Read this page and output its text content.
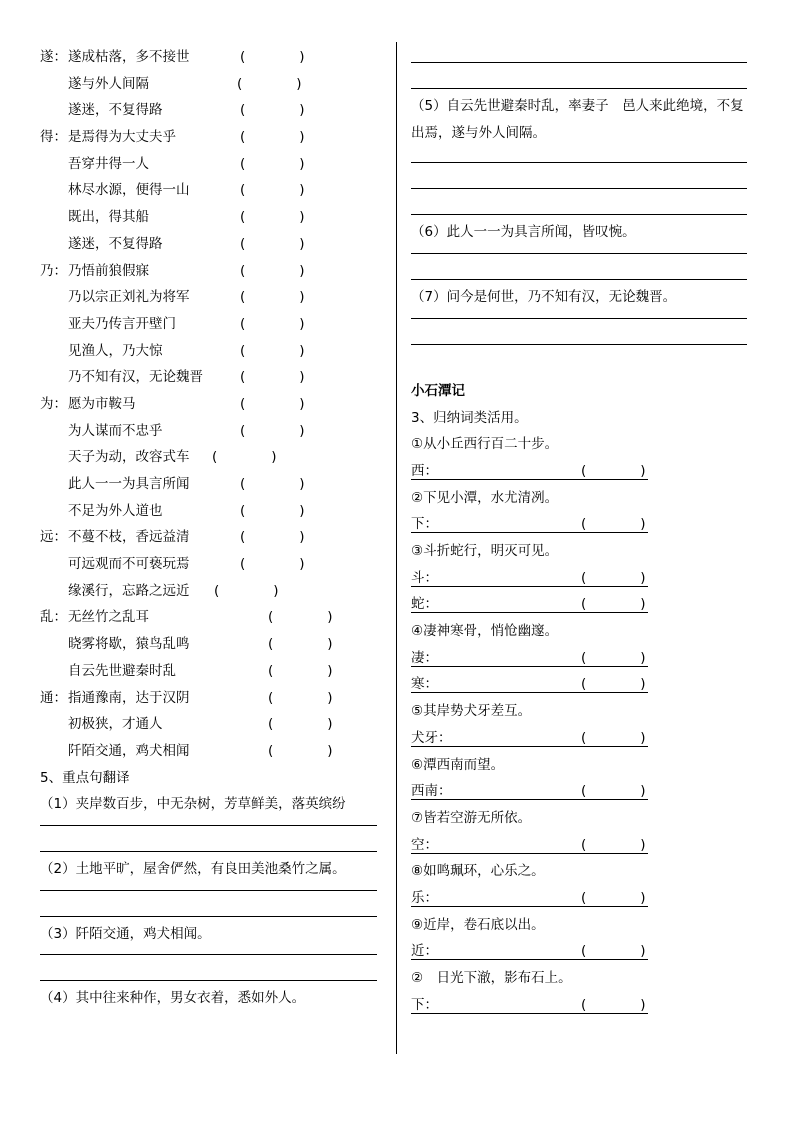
遂：遂成枯落，多不接世	(　　　　)
遂与外人间隔	(　　　　)
遂迷，不复得路	(　　　　)
得：是焉得为大丈夫乎	(　　　　)
吾穿井得一人	(　　　　)
林尽水源，便得一山	(　　　　)
既出，得其船	(　　　　)
遂迷，不复得路	(　　　　)
乃：乃悟前狼假寐	(　　　　)
乃以宗正刘礼为将军	(　　　　)
亚夫乃传言开壁门	(　　　　)
见渔人，乃大惊	(　　　　)
乃不知有汉，无论魏晋	(　　　　)
为：愿为市鞍马	(　　　　)
为人谋而不忠乎	(　　　　)
天子为动，改容式车 (　　　　)
此人一一为具言所闻	(　　　　)
不足为外人道也	(　　　　)
远：不蔓不枝，香远益清	(　　　　)
可远观而不可亵玩焉	(　　　　)
缘溪行，忘路之远近 (　　　　)
乱：无丝竹之乱耳	(　　　　)
晓雾将歇，猿鸟乱鸣	(　　　　)
自云先世避秦时乱	(　　　　)
通：指通豫南，达于汉阴	(　　　　)
初极狭，才通人	(　　　　)
阡陌交通，鸡犬相闻	(　　　　)
5、重点句翻译
（1）夹岸数百步，中无杂树，芳草鲜美，落英缤纷
（2）土地平旷，屋舍俨然，有良田美池桑竹之属。
（3）阡陌交通，鸡犬相闻。
（4）其中往来种作，男女衣着，悉如外人。
（5）自云先世避秦时乱，率妻子　邑人来此绝境，不复出焉，遂与外人间隔。
（6）此人一一为具言所闻，皆叹惋。
（7）问今是何世，乃不知有汉，无论魏晋。
小石潭记
3、归纳词类活用。
①从小丘西行百二十步。
西：	(　　　　)
②下见小潭，水尤清冽。
下：	(　　　　)
③斗折蛇行，明灭可见。
斗：	(　　　　)
蛇：	(　　　　)
④凄神寒骨，悄怆幽邃。
凄：	(　　　　)
寒：	(　　　　)
⑤其岸势犬牙差互。
犬牙：	(　　　　)
⑥潭西南而望。
西南：	(　　　　)
⑦皆若空游无所依。
空：	(　　　　)
⑧如鸣珮环，心乐之。
乐：	(　　　　)
⑨近岸，卷石底以出。
近：	(　　　　)
②　日光下澈，影布石上。
下：	(　　　　)
